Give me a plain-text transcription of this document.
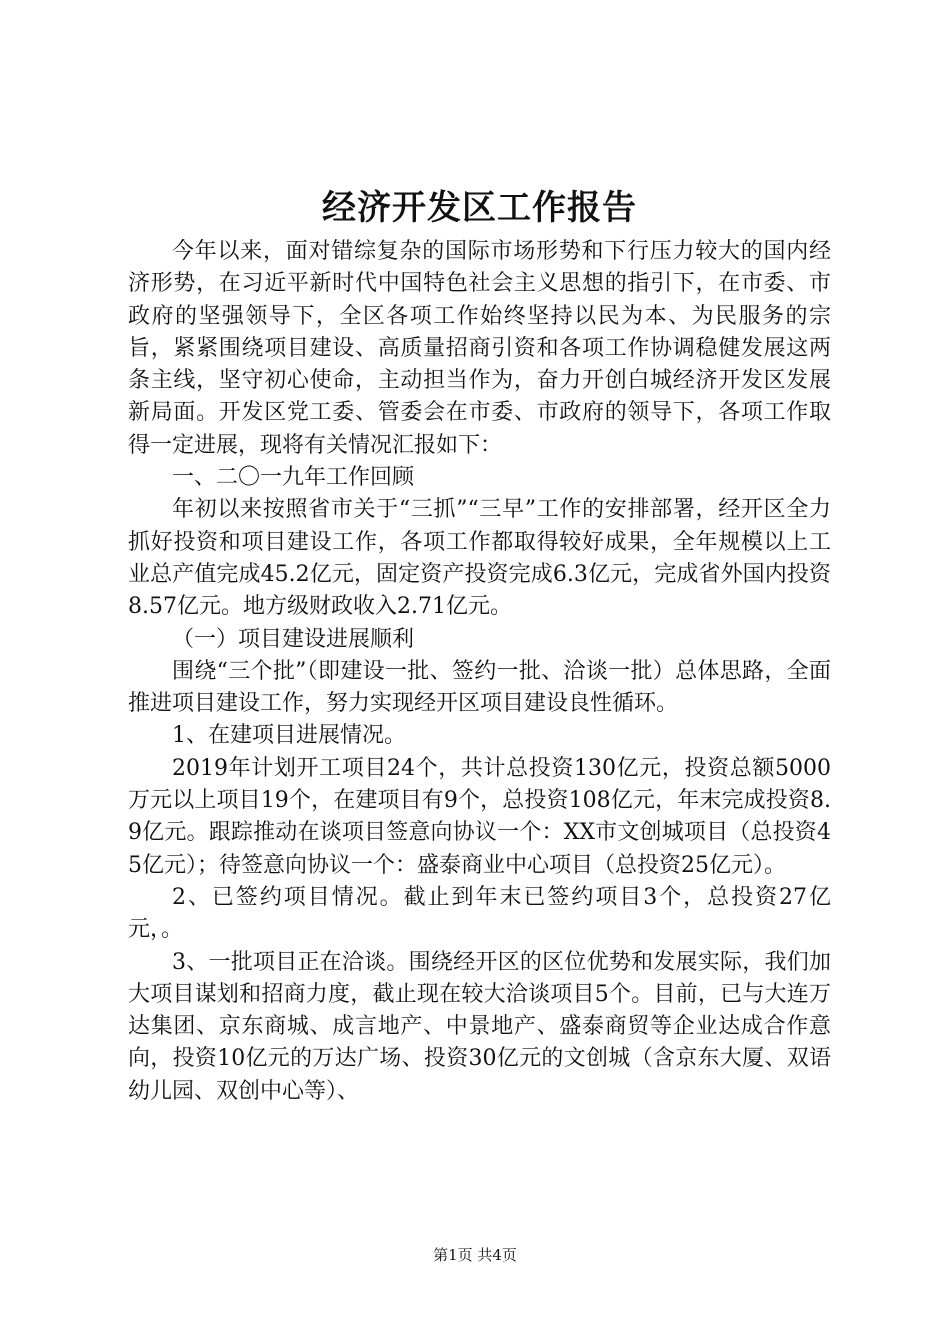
经济开发区工作报告

今年以来，面对错综复杂的国际市场形势和下行压力较大的国内经济形势，在习近平新时代中国特色社会主义思想的指引下，在市委、市政府的坚强领导下，全区各项工作始终坚持以民为本、为民服务的宗旨，紧紧围绕项目建设、高质量招商引资和各项工作协调稳健发展这两条主线，坚守初心使命，主动担当作为，奋力开创白城经济开发区发展新局面。开发区党工委、管委会在市委、市政府的领导下，各项工作取得一定进展，现将有关情况汇报如下：

一、二〇一九年工作回顾

年初以来按照省市关于“三抓”“三早”工作的安排部署，经开区全力抓好投资和项目建设工作，各项工作都取得较好成果，全年规模以上工业总产值完成45.2亿元，固定资产投资完成6.3亿元，完成省外国内投资8.57亿元。地方级财政收入2.71亿元。

（一）项目建设进展顺利

围绕“三个批”（即建设一批、签约一批、洽谈一批）总体思路，全面推进项目建设工作，努力实现经开区项目建设良性循环。

1、在建项目进展情况。

2019年计划开工项目24个，共计总投资130亿元，投资总额5000万元以上项目19个，在建项目有9个，总投资108亿元，年末完成投资8.9亿元。跟踪推动在谈项目签意向协议一个：XX市文创城项目（总投资45亿元）；待签意向协议一个：盛泰商业中心项目（总投资25亿元）。

2、已签约项目情况。截止到年末已签约项目3个，总投资27亿元，。

3、一批项目正在洽谈。围绕经开区的区位优势和发展实际，我们加大项目谋划和招商力度，截止现在较大洽谈项目5个。目前，已与大连万达集团、京东商城、成言地产、中景地产、盛泰商贸等企业达成合作意向，投资10亿元的万达广场、投资30亿元的文创城（含京东大厦、双语幼儿园、双创中心等）、

第1页 共4页
